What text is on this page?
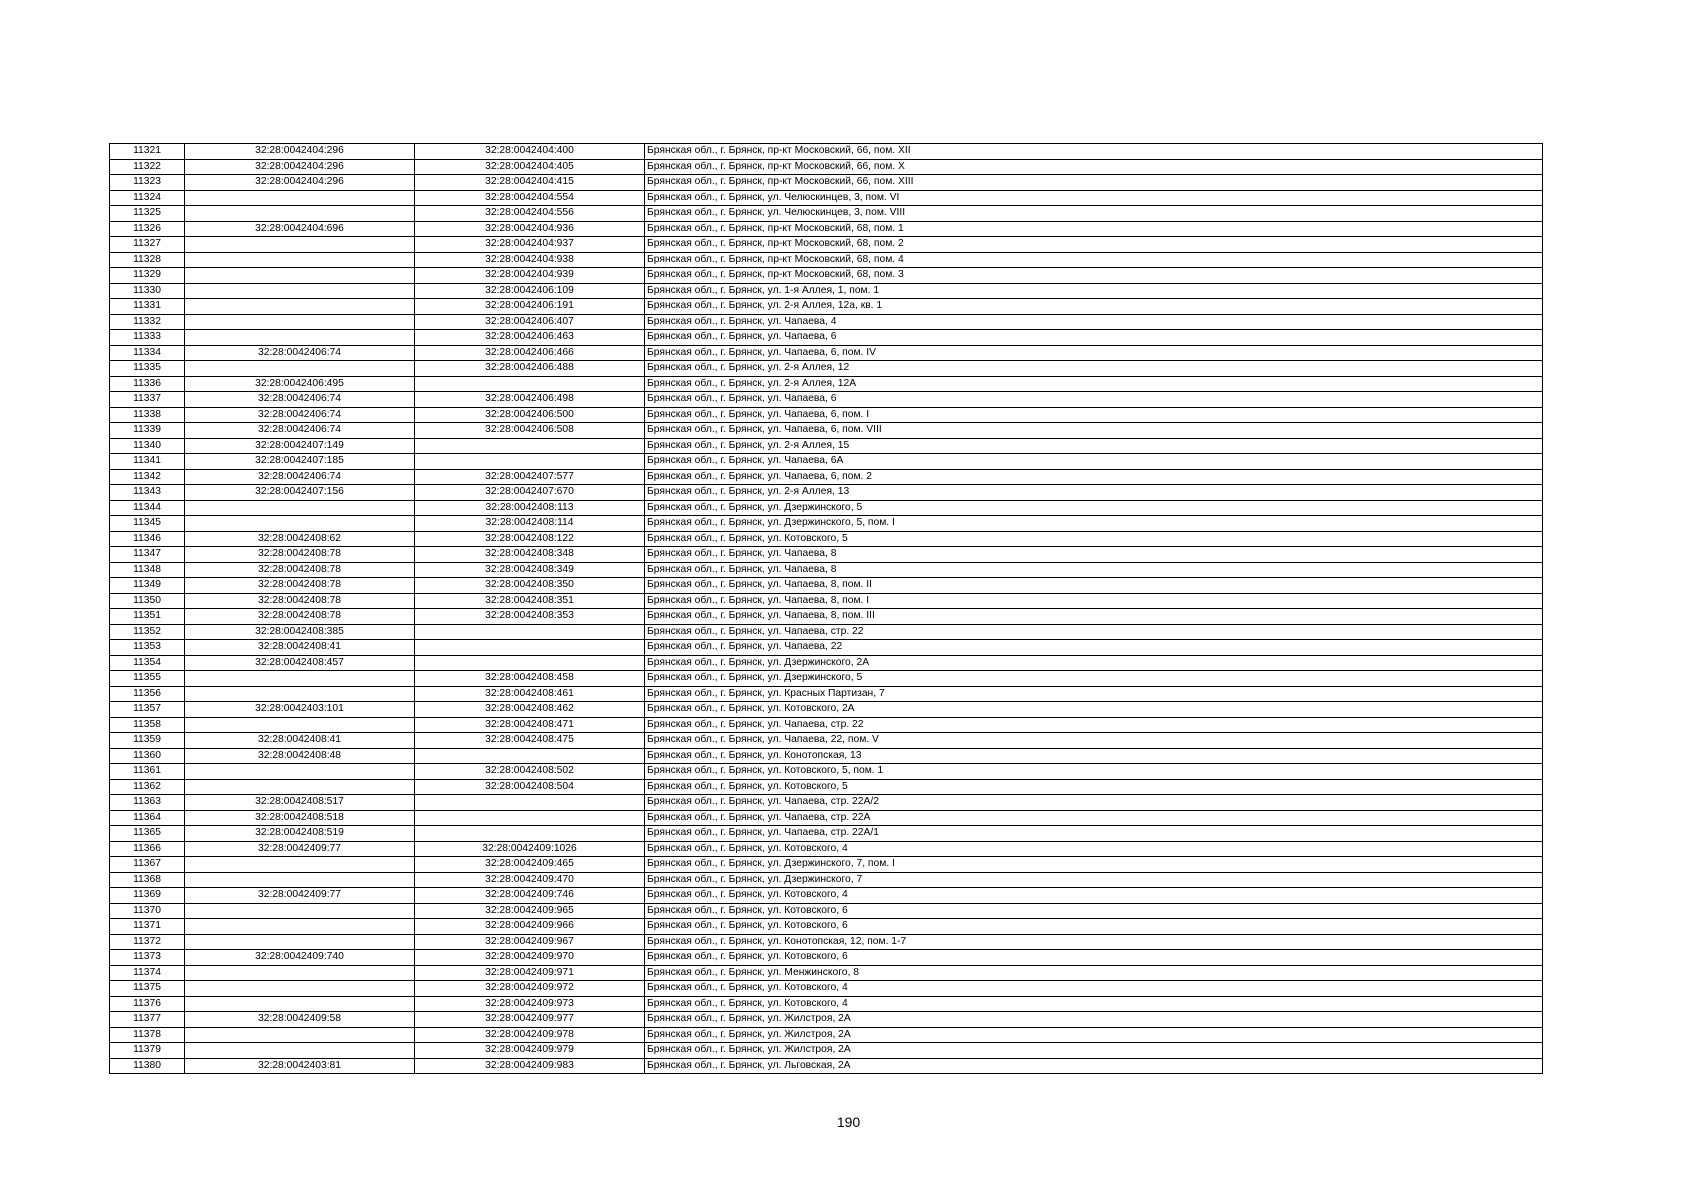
11321	32:28:0042404:296	32:28:0042404:400	Брянская обл., г. Брянск, пр-кт Московский, 66, пом. XII
11322	32:28:0042404:296	32:28:0042404:405	Брянская обл., г. Брянск, пр-кт Московский, 66, пом. X
11323	32:28:0042404:296	32:28:0042404:415	Брянская обл., г. Брянск, пр-кт Московский, 66, пом. XIII
11324		32:28:0042404:554	Брянская обл., г. Брянск, ул. Челюскинцев, 3, пом. VI
11325		32:28:0042404:556	Брянская обл., г. Брянск, ул. Челюскинцев, 3, пом. VIII
11326	32:28:0042404:696	32:28:0042404:936	Брянская обл., г. Брянск, пр-кт Московский, 68, пом. 1
11327		32:28:0042404:937	Брянская обл., г. Брянск, пр-кт Московский, 68, пом. 2
11328		32:28:0042404:938	Брянская обл., г. Брянск, пр-кт Московский, 68, пом. 4
11329		32:28:0042404:939	Брянская обл., г. Брянск, пр-кт Московский, 68, пом. 3
11330		32:28:0042406:109	Брянская обл., г. Брянск, ул. 1-я Аллея, 1, пом. 1
11331		32:28:0042406:191	Брянская обл., г. Брянск, ул. 2-я Аллея, 12а, кв. 1
11332		32:28:0042406:407	Брянская обл., г. Брянск, ул. Чапаева, 4
11333		32:28:0042406:463	Брянская обл., г. Брянск, ул. Чапаева, 6
11334	32:28:0042406:74	32:28:0042406:466	Брянская обл., г. Брянск, ул. Чапаева, 6, пом. IV
11335		32:28:0042406:488	Брянская обл., г. Брянск, ул. 2-я Аллея, 12
11336	32:28:0042406:495		Брянская обл., г. Брянск, ул. 2-я Аллея, 12А
11337	32:28:0042406:74	32:28:0042406:498	Брянская обл., г. Брянск, ул. Чапаева, 6
11338	32:28:0042406:74	32:28:0042406:500	Брянская обл., г. Брянск, ул. Чапаева, 6, пом. I
11339	32:28:0042406:74	32:28:0042406:508	Брянская обл., г. Брянск, ул. Чапаева, 6, пом. VIII
11340	32:28:0042407:149		Брянская обл., г. Брянск, ул. 2-я Аллея, 15
11341	32:28:0042407:185		Брянская обл., г. Брянск, ул. Чапаева, 6А
11342	32:28:0042406:74	32:28:0042407:577	Брянская обл., г. Брянск, ул. Чапаева, 6, пом. 2
11343	32:28:0042407:156	32:28:0042407:670	Брянская обл., г. Брянск, ул. 2-я Аллея, 13
11344		32:28:0042408:113	Брянская обл., г. Брянск, ул. Дзержинского, 5
11345		32:28:0042408:114	Брянская обл., г. Брянск, ул. Дзержинского, 5, пом. I
11346	32:28:0042408:62	32:28:0042408:122	Брянская обл., г. Брянск, ул. Котовского, 5
11347	32:28:0042408:78	32:28:0042408:348	Брянская обл., г. Брянск, ул. Чапаева, 8
11348	32:28:0042408:78	32:28:0042408:349	Брянская обл., г. Брянск, ул. Чапаева, 8
11349	32:28:0042408:78	32:28:0042408:350	Брянская обл., г. Брянск, ул. Чапаева, 8, пом. II
11350	32:28:0042408:78	32:28:0042408:351	Брянская обл., г. Брянск, ул. Чапаева, 8, пом. I
11351	32:28:0042408:78	32:28:0042408:353	Брянская обл., г. Брянск, ул. Чапаева, 8, пом. III
11352	32:28:0042408:385		Брянская обл., г. Брянск, ул. Чапаева, стр. 22
11353	32:28:0042408:41		Брянская обл., г. Брянск, ул. Чапаева, 22
11354	32:28:0042408:457		Брянская обл., г. Брянск, ул. Дзержинского, 2А
11355		32:28:0042408:458	Брянская обл., г. Брянск, ул. Дзержинского, 5
11356		32:28:0042408:461	Брянская обл., г. Брянск, ул. Красных Партизан, 7
11357	32:28:0042403:101	32:28:0042408:462	Брянская обл., г. Брянск, ул. Котовского, 2А
11358		32:28:0042408:471	Брянская обл., г. Брянск, ул. Чапаева, стр. 22
11359	32:28:0042408:41	32:28:0042408:475	Брянская обл., г. Брянск, ул. Чапаева, 22, пом. V
11360	32:28:0042408:48		Брянская обл., г. Брянск, ул. Конотопская, 13
11361		32:28:0042408:502	Брянская обл., г. Брянск, ул. Котовского, 5, пом. 1
11362		32:28:0042408:504	Брянская обл., г. Брянск, ул. Котовского, 5
11363	32:28:0042408:517		Брянская обл., г. Брянск, ул. Чапаева, стр. 22А/2
11364	32:28:0042408:518		Брянская обл., г. Брянск, ул. Чапаева, стр. 22А
11365	32:28:0042408:519		Брянская обл., г. Брянск, ул. Чапаева, стр. 22А/1
11366	32:28:0042409:77	32:28:0042409:1026	Брянская обл., г. Брянск, ул. Котовского, 4
11367		32:28:0042409:465	Брянская обл., г. Брянск, ул. Дзержинского, 7, пом. I
11368		32:28:0042409:470	Брянская обл., г. Брянск, ул. Дзержинского, 7
11369	32:28:0042409:77	32:28:0042409:746	Брянская обл., г. Брянск, ул. Котовского, 4
11370		32:28:0042409:965	Брянская обл., г. Брянск, ул. Котовского, 6
11371		32:28:0042409:966	Брянская обл., г. Брянск, ул. Котовского, 6
11372		32:28:0042409:967	Брянская обл., г. Брянск, ул. Конотопская, 12, пом. 1-7
11373	32:28:0042409:740	32:28:0042409:970	Брянская обл., г. Брянск, ул. Котовского, 6
11374		32:28:0042409:971	Брянская обл., г. Брянск, ул. Менжинского, 8
11375		32:28:0042409:972	Брянская обл., г. Брянск, ул. Котовского, 4
11376		32:28:0042409:973	Брянская обл., г. Брянск, ул. Котовского, 4
11377	32:28:0042409:58	32:28:0042409:977	Брянская обл., г. Брянск, ул. Жилстроя, 2А
11378		32:28:0042409:978	Брянская обл., г. Брянск, ул. Жилстроя, 2А
11379		32:28:0042409:979	Брянская обл., г. Брянск, ул. Жилстроя, 2А
11380	32:28:0042403:81	32:28:0042409:983	Брянская обл., г. Брянск, ул. Льговская, 2А
190
